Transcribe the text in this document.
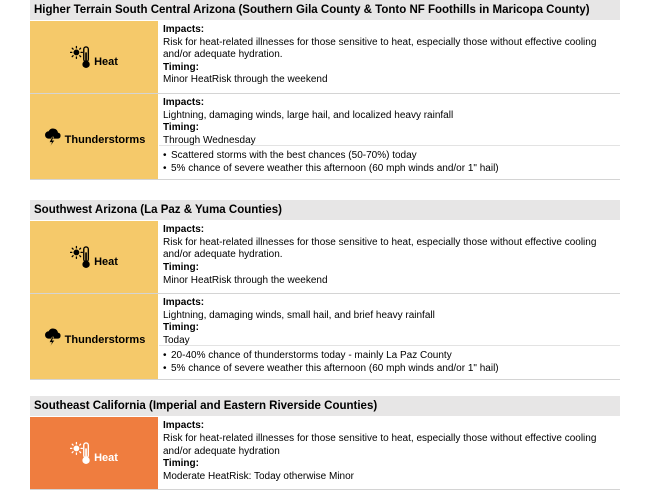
Higher Terrain South Central Arizona (Southern Gila County & Tonto NF Foothills in Maricopa County)
Heat
Impacts:
Risk for heat-related illnesses for those sensitive to heat, especially those without effective cooling and/or adequate hydration.
Timing:
Minor HeatRisk through the weekend
Thunderstorms
Impacts:
Lightning, damaging winds, large hail, and localized heavy rainfall
Timing:
Through Wednesday
• Scattered storms with the best chances (50-70%) today
• 5% chance of severe weather this afternoon (60 mph winds and/or 1" hail)
Southwest Arizona (La Paz & Yuma Counties)
Heat
Impacts:
Risk for heat-related illnesses for those sensitive to heat, especially those without effective cooling and/or adequate hydration.
Timing:
Minor HeatRisk through the weekend
Thunderstorms
Impacts:
Lightning, damaging winds, small hail, and brief heavy rainfall
Timing:
Today
• 20-40% chance of thunderstorms today - mainly La Paz County
• 5% chance of severe weather this afternoon (60 mph winds and/or 1" hail)
Southeast California (Imperial and Eastern Riverside Counties)
Heat
Impacts:
Risk for heat-related illnesses for those sensitive to heat, especially those without effective cooling and/or adequate hydration
Timing:
Moderate HeatRisk: Today otherwise Minor
